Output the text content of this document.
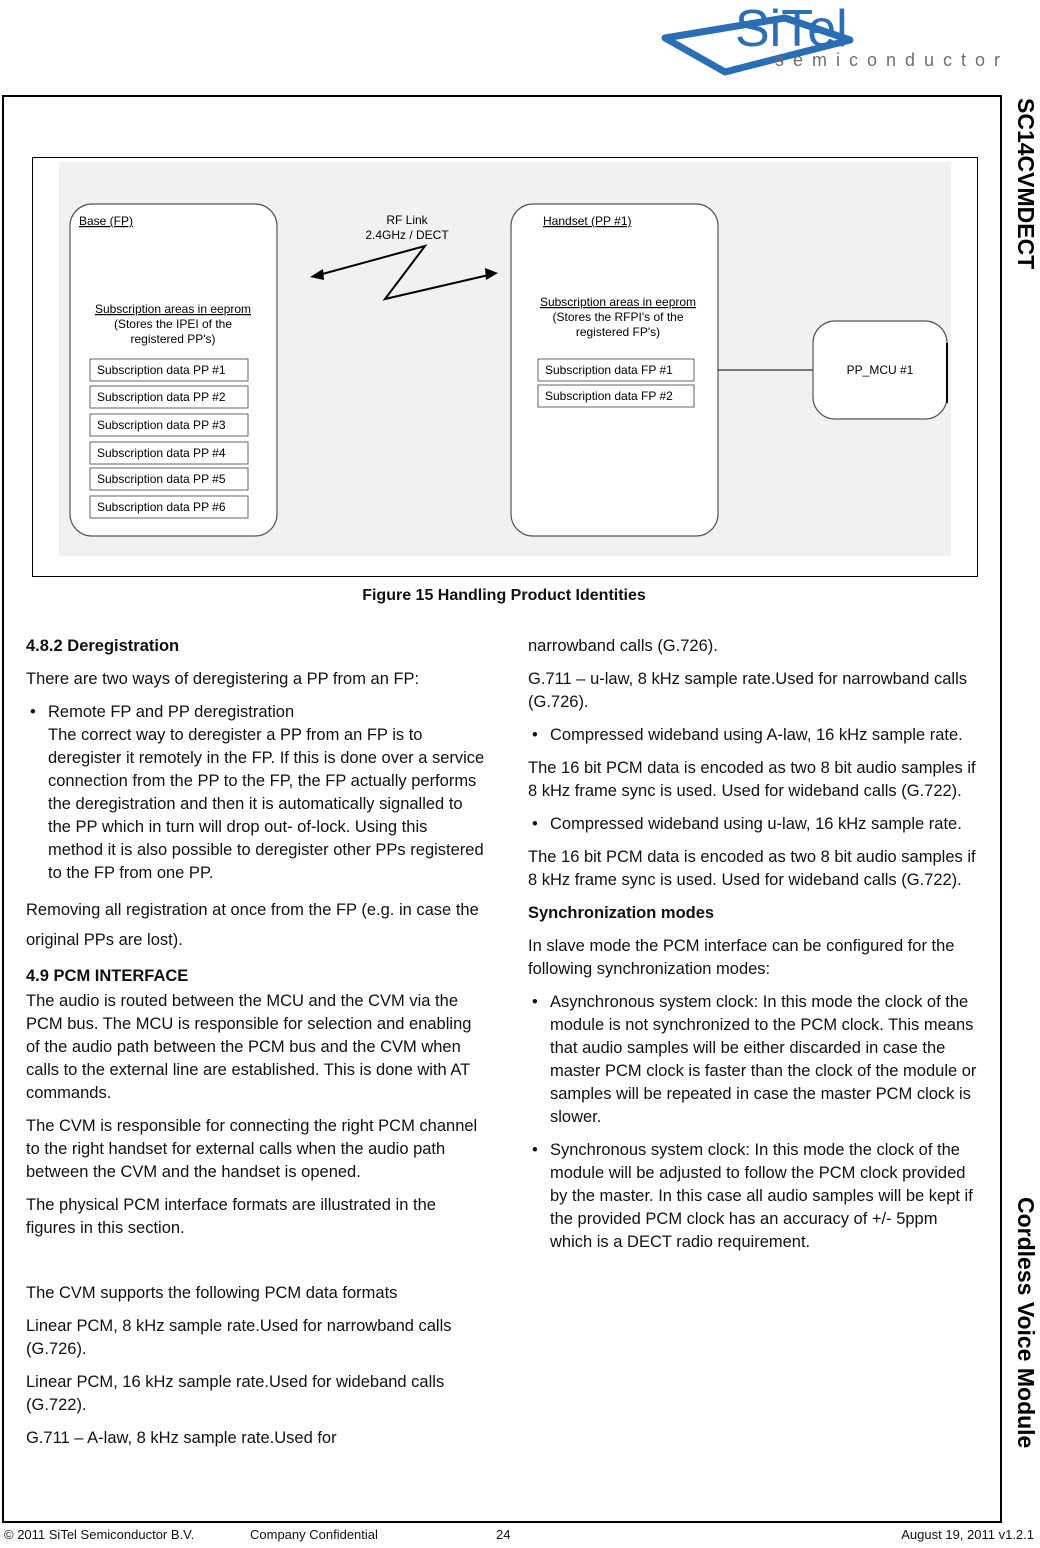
SiTel
semiconductor
SC14CVMDECT
Cordless Voice Module
Base (FP)
Subscription areas in eeprom
(Stores the IPEI of the
registered PP's)
Subscription data PP #1
Subscription data PP #2
Subscription data PP #3
Subscription data PP #4
Subscription data PP #5
Subscription data PP #6
RF Link
2.4GHz / DECT
Handset (PP #1)
Subscription areas in eeprom
(Stores the RFPI's of the
registered FP's)
Subscription data FP #1
Subscription data FP #2
PP_MCU #1
Figure 15 Handling Product Identities

4.8.2 Deregistration

There are two ways of deregistering a PP from an FP:

• Remote FP and PP deregistration
The correct way to deregister a PP from an FP is to deregister it remotely in the FP. If this is done over a service connection from the PP to the FP, the FP actually performs the deregistration and then it is automatically signalled to the PP which in turn will drop out- of-lock. Using this method it is also possible to deregister other PPs registered to the FP from one PP.

Removing all registration at once from the FP (e.g. in case the original PPs are lost).

4.9 PCM INTERFACE

The audio is routed between the MCU and the CVM via the PCM bus. The MCU is responsible for selection and enabling of the audio path between the PCM bus and the CVM when calls to the external line are established. This is done with AT commands.

The CVM is responsible for connecting the right PCM channel to the right handset for external calls when the audio path between the CVM and the handset is opened.

The physical PCM interface formats are illustrated in the figures in this section.

The CVM supports the following PCM data formats

Linear PCM, 8 kHz sample rate.Used for narrowband calls (G.726).

Linear PCM, 16 kHz sample rate.Used for wideband calls (G.722).

G.711 – A-law, 8 kHz sample rate.Used for

narrowband calls (G.726).

G.711 – u-law, 8 kHz sample rate.Used for narrowband calls (G.726).

• Compressed wideband using A-law, 16 kHz sample rate.

The 16 bit PCM data is encoded as two 8 bit audio samples if 8 kHz frame sync is used. Used for wideband calls (G.722).

• Compressed wideband using u-law, 16 kHz sample rate.

The 16 bit PCM data is encoded as two 8 bit audio samples if 8 kHz frame sync is used. Used for wideband calls (G.722).

Synchronization modes

In slave mode the PCM interface can be configured for the following synchronization modes:

• Asynchronous system clock: In this mode the clock of the module is not synchronized to the PCM clock. This means that audio samples will be either discarded in case the master PCM clock is faster than the clock of the module or samples will be repeated in case the master PCM clock is slower.
• Synchronous system clock: In this mode the clock of the module will be adjusted to follow the PCM clock provided by the master. In this case all audio samples will be kept if the provided PCM clock has an accuracy of +/- 5ppm which is a DECT radio requirement.
© 2011 SiTel Semiconductor B.V.	Company Confidential	24	August 19, 2011 v1.2.1
